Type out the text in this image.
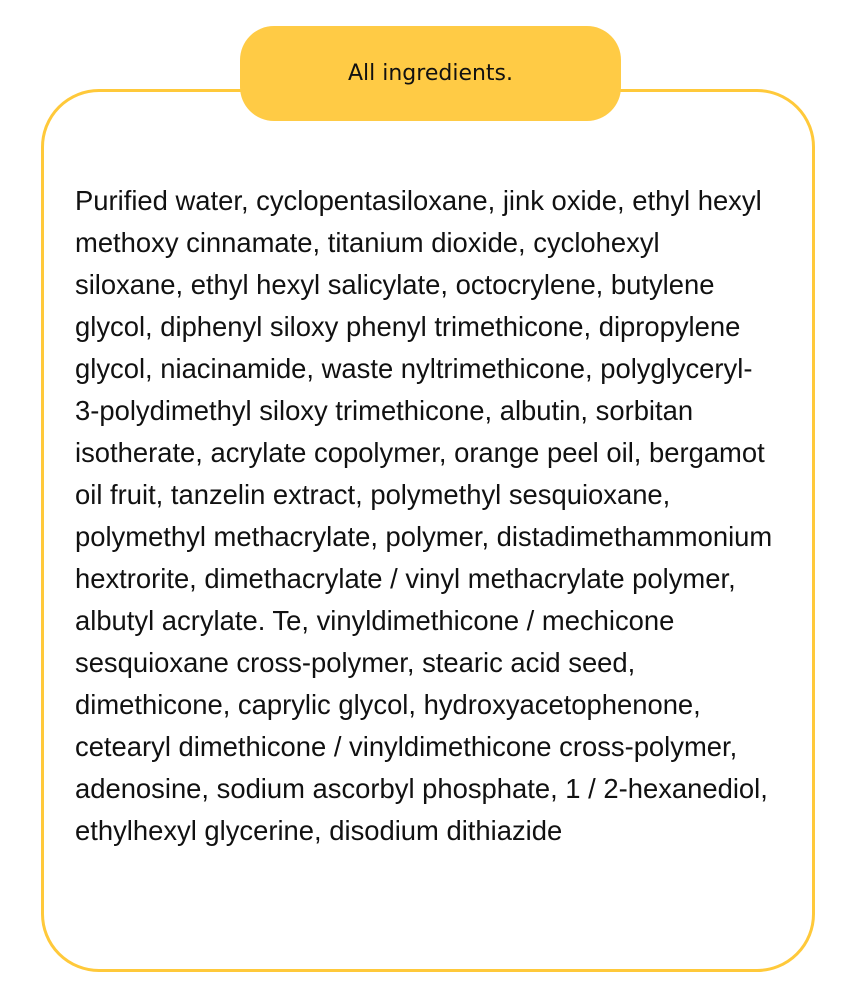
All ingredients.

Purified water, cyclopentasiloxane, jink oxide, ethyl hexyl methoxy cinnamate, titanium dioxide, cyclohexyl siloxane, ethyl hexyl salicylate, octocrylene, butylene glycol, diphenyl siloxy phenyl trimethicone, dipropylene glycol, niacinamide, waste nyltrimethicone, polyglyceryl-3-polydimethyl siloxy trimethicone, albutin, sorbitan isotherate, acrylate copolymer, orange peel oil, bergamot oil fruit, tanzelin extract, polymethyl sesquioxane, polymethyl methacrylate, polymer, distadimethammonium hextrorite, dimethacrylate / vinyl methacrylate polymer, albutyl acrylate. Te, vinyldimethicone / mechicone sesquioxane cross-polymer, stearic acid seed, dimethicone, caprylic glycol, hydroxyacetophenone, cetearyl dimethicone / vinyldimethicone cross-polymer, adenosine, sodium ascorbyl phosphate, 1 / 2-hexanediol, ethylhexyl glycerine, disodium dithiazide
